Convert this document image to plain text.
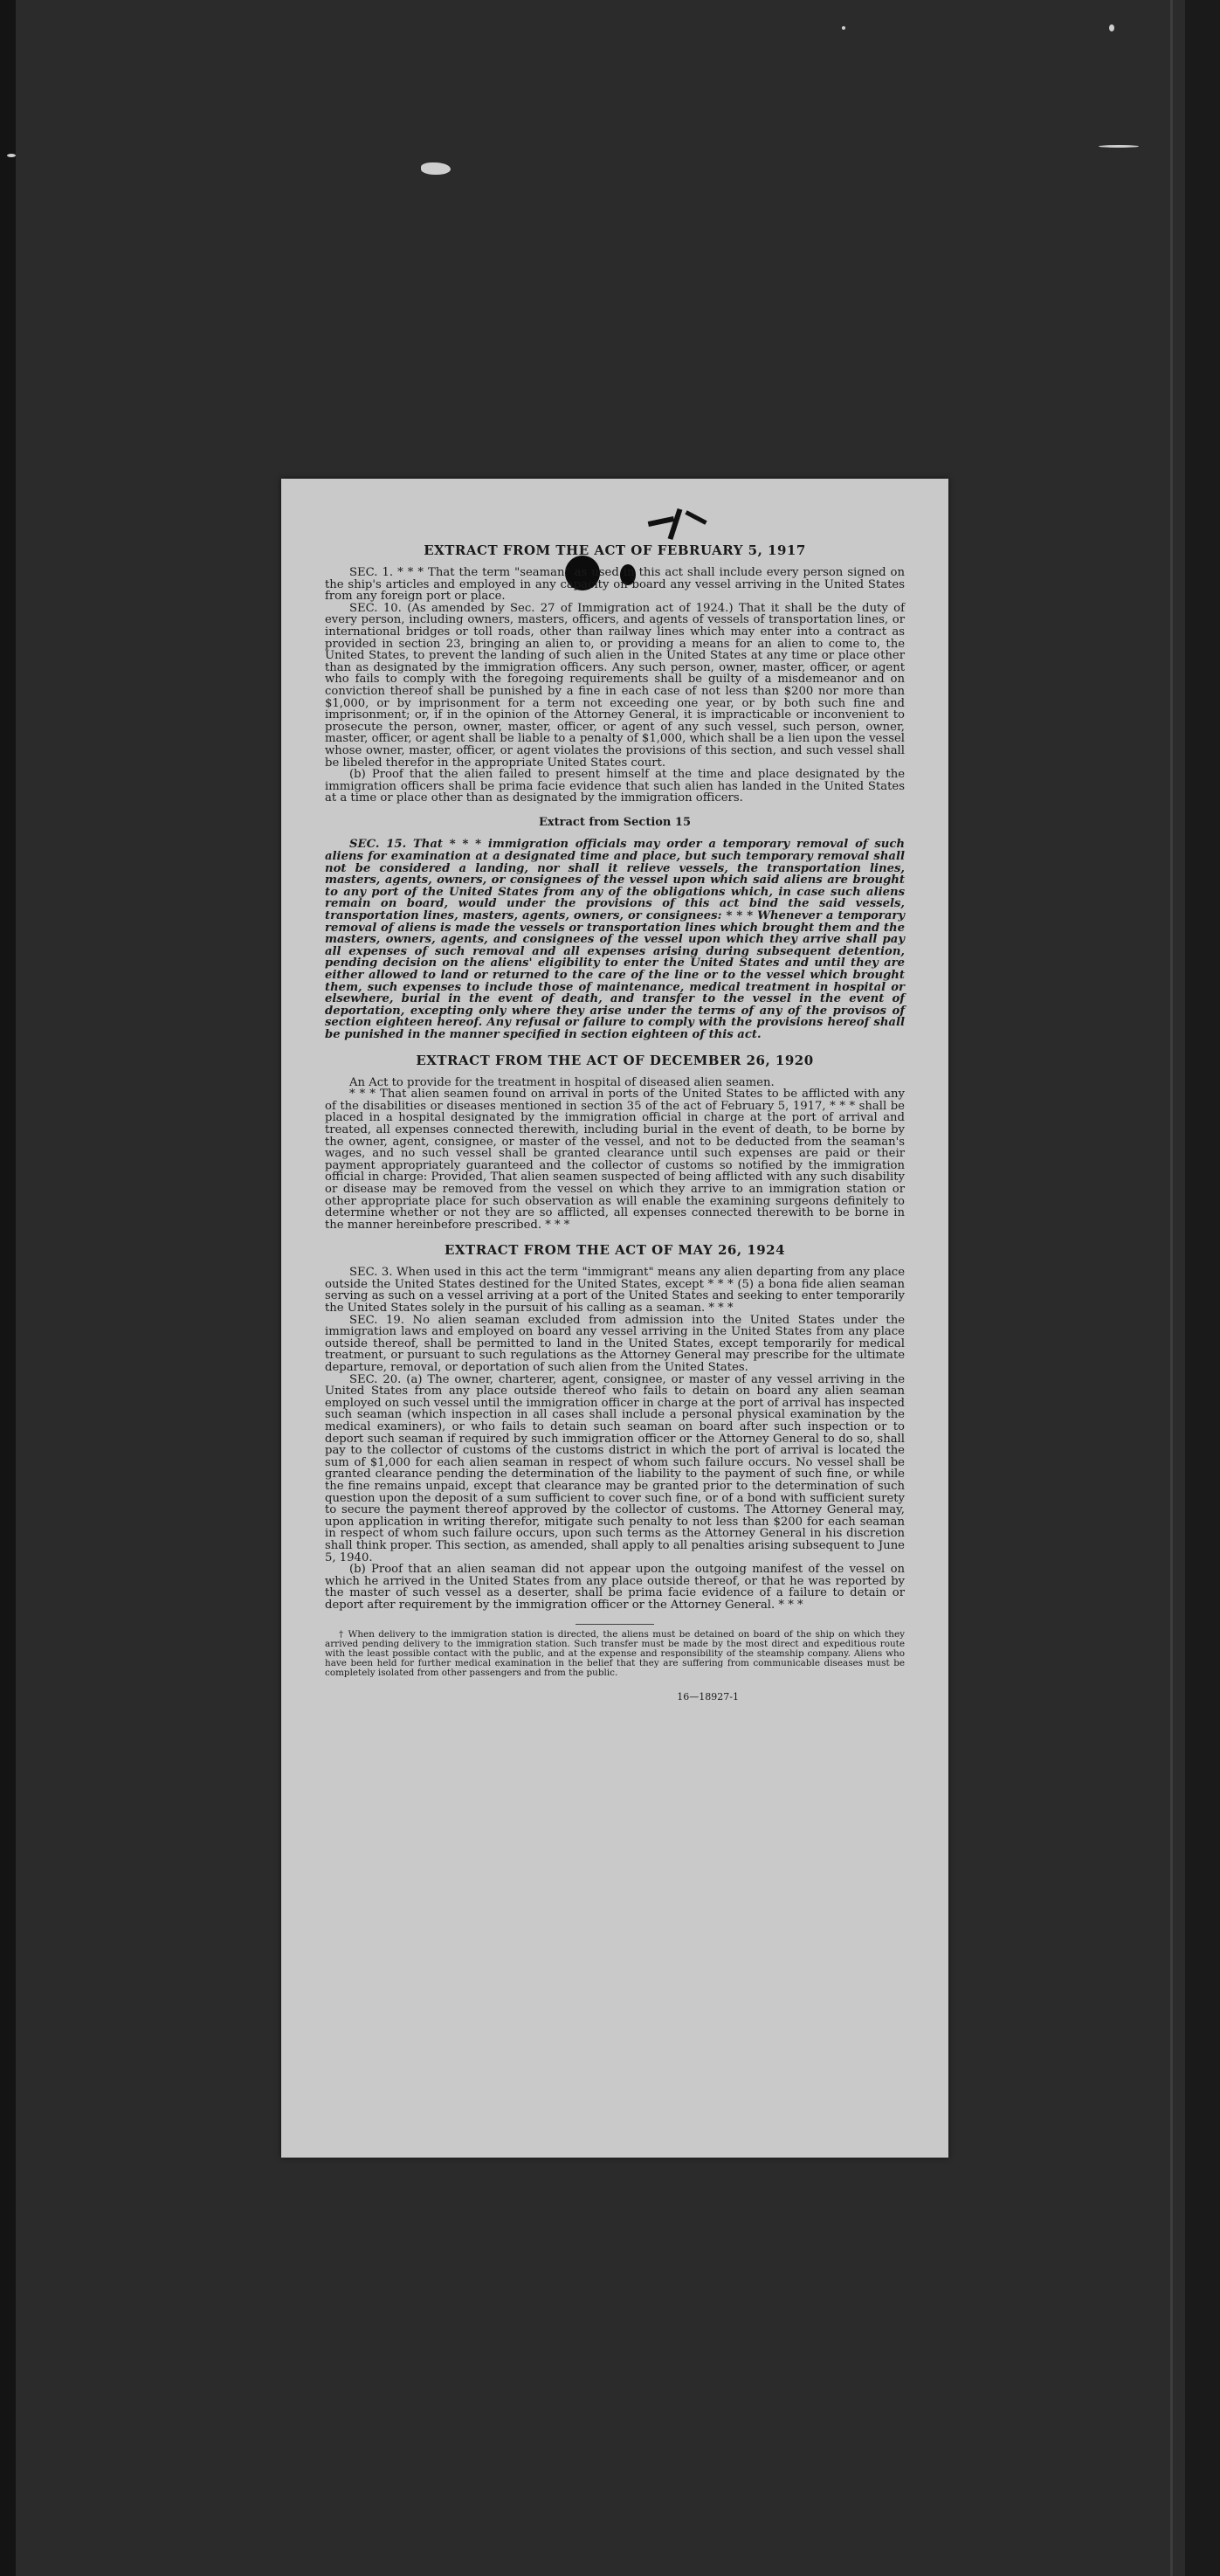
EXTRACT FROM THE ACT OF FEBRUARY 5, 1917

SEC. 1. * * * That the term "seaman" as used in this act shall include every person signed on the ship's articles and employed in any capacity on board any vessel arriving in the United States from any foreign port or place.

SEC. 10. (As amended by Sec. 27 of Immigration act of 1924.) That it shall be the duty of every person, including owners, masters, officers, and agents of vessels of transportation lines, or international bridges or toll roads, other than railway lines which may enter into a contract as provided in section 23, bringing an alien to, or providing a means for an alien to come to, the United States, to prevent the landing of such alien in the United States at any time or place other than as designated by the immigration officers. Any such person, owner, master, officer, or agent who fails to comply with the foregoing requirements shall be guilty of a misdemeanor and on conviction thereof shall be punished by a fine in each case of not less than $200 nor more than $1,000, or by imprisonment for a term not exceeding one year, or by both such fine and imprisonment; or, if in the opinion of the Attorney General, it is impracticable or inconvenient to prosecute the person, owner, master, officer, or agent of any such vessel, such person, owner, master, officer, or agent shall be liable to a penalty of $1,000, which shall be a lien upon the vessel whose owner, master, officer, or agent violates the provisions of this section, and such vessel shall be libeled therefor in the appropriate United States court.

(b) Proof that the alien failed to present himself at the time and place designated by the immigration officers shall be prima facie evidence that such alien has landed in the United States at a time or place other than as designated by the immigration officers.

Extract from Section 15

SEC. 15. That * * * immigration officials may order a temporary removal of such aliens for examination at a designated time and place, but such temporary removal shall not be considered a landing, nor shall it relieve vessels, the transportation lines, masters, agents, owners, or consignees of the vessel upon which said aliens are brought to any port of the United States from any of the obligations which, in case such aliens remain on board, would under the provisions of this act bind the said vessels, transportation lines, masters, agents, owners, or consignees: * * * Whenever a temporary removal of aliens is made the vessels or transportation lines which brought them and the masters, owners, agents, and consignees of the vessel upon which they arrive shall pay all expenses of such removal and all expenses arising during subsequent detention, pending decision on the aliens' eligibility to enter the United States and until they are either allowed to land or returned to the care of the line or to the vessel which brought them, such expenses to include those of maintenance, medical treatment in hospital or elsewhere, burial in the event of death, and transfer to the vessel in the event of deportation, excepting only where they arise under the terms of any of the provisos of section eighteen hereof. Any refusal or failure to comply with the provisions hereof shall be punished in the manner specified in section eighteen of this act.

EXTRACT FROM THE ACT OF DECEMBER 26, 1920

An Act to provide for the treatment in hospital of diseased alien seamen.

* * * That alien seamen found on arrival in ports of the United States to be afflicted with any of the disabilities or diseases mentioned in section 35 of the act of February 5, 1917, * * * shall be placed in a hospital designated by the immigration official in charge at the port of arrival and treated, all expenses connected therewith, including burial in the event of death, to be borne by the owner, agent, consignee, or master of the vessel, and not to be deducted from the seaman's wages, and no such vessel shall be granted clearance until such expenses are paid or their payment appropriately guaranteed and the collector of customs so notified by the immigration official in charge: Provided, That alien seamen suspected of being afflicted with any such disability or disease may be removed from the vessel on which they arrive to an immigration station or other appropriate place for such observation as will enable the examining surgeons definitely to determine whether or not they are so afflicted, all expenses connected therewith to be borne in the manner hereinbefore prescribed. * * *

EXTRACT FROM THE ACT OF MAY 26, 1924

SEC. 3. When used in this act the term "immigrant" means any alien departing from any place outside the United States destined for the United States, except * * * (5) a bona fide alien seaman serving as such on a vessel arriving at a port of the United States and seeking to enter temporarily the United States solely in the pursuit of his calling as a seaman. * * *

SEC. 19. No alien seaman excluded from admission into the United States under the immigration laws and employed on board any vessel arriving in the United States from any place outside thereof, shall be permitted to land in the United States, except temporarily for medical treatment, or pursuant to such regulations as the Attorney General may prescribe for the ultimate departure, removal, or deportation of such alien from the United States.

SEC. 20. (a) The owner, charterer, agent, consignee, or master of any vessel arriving in the United States from any place outside thereof who fails to detain on board any alien seaman employed on such vessel until the immigration officer in charge at the port of arrival has inspected such seaman (which inspection in all cases shall include a personal physical examination by the medical examiners), or who fails to detain such seaman on board after such inspection or to deport such seaman if required by such immigration officer or the Attorney General to do so, shall pay to the collector of customs of the customs district in which the port of arrival is located the sum of $1,000 for each alien seaman in respect of whom such failure occurs. No vessel shall be granted clearance pending the determination of the liability to the payment of such fine, or while the fine remains unpaid, except that clearance may be granted prior to the determination of such question upon the deposit of a sum sufficient to cover such fine, or of a bond with sufficient surety to secure the payment thereof approved by the collector of customs. The Attorney General may, upon application in writing therefor, mitigate such penalty to not less than $200 for each seaman in respect of whom such failure occurs, upon such terms as the Attorney General in his discretion shall think proper. This section, as amended, shall apply to all penalties arising subsequent to June 5, 1940.

(b) Proof that an alien seaman did not appear upon the outgoing manifest of the vessel on which he arrived in the United States from any place outside thereof, or that he was reported by the master of such vessel as a deserter, shall be prima facie evidence of a failure to detain or deport after requirement by the immigration officer or the Attorney General. * * *

† When delivery to the immigration station is directed, the aliens must be detained on board of the ship on which they arrived pending delivery to the immigration station. Such transfer must be made by the most direct and expeditious route with the least possible contact with the public, and at the expense and responsibility of the steamship company. Aliens who have been held for further medical examination in the belief that they are suffering from communicable diseases must be completely isolated from other passengers and from the public.

16—18927-1
